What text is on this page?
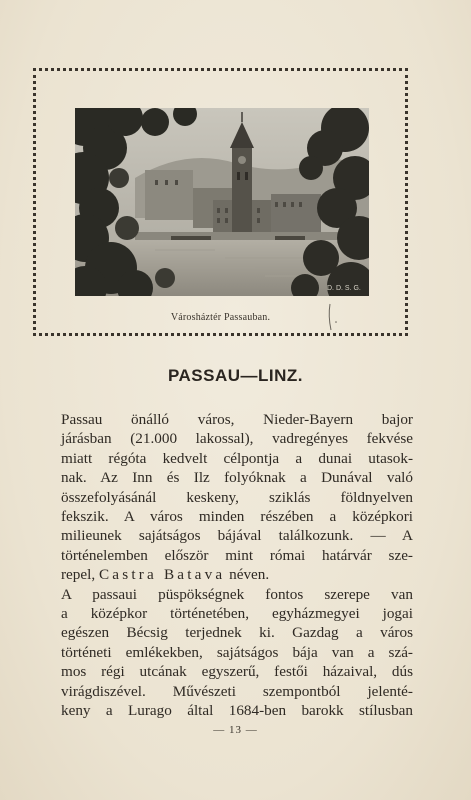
D. D. S. G.
Városháztér Passauban.
PASSAU—LINZ.

Passau önálló város, Nieder-Bayern bajor
járásban (21.000 lakossal), vadregényes fekvése
miatt régóta kedvelt célpontja a dunai utasok-
nak. Az Inn és Ilz folyóknak a Dunával való
összefolyásánál keskeny, sziklás földnyelven
fekszik. A város minden részében a középkori
milieunek sajátságos bájával találkozunk. — A
történelemben először mint római határvár sze-
repel, Castra Batava néven.

A passaui püspökségnek fontos szerepe van
a középkor történetében, egyházmegyei jogai
egészen Bécsig terjednek ki. Gazdag a város
történeti emlékekben, sajátságos bája van a szá-
mos régi utcának egyszerű, festői házaival, dús
virágdiszével. Művészeti szempontból jelenté-
keny a Lurago által 1684-ben barokk stílusban

— 13 —
